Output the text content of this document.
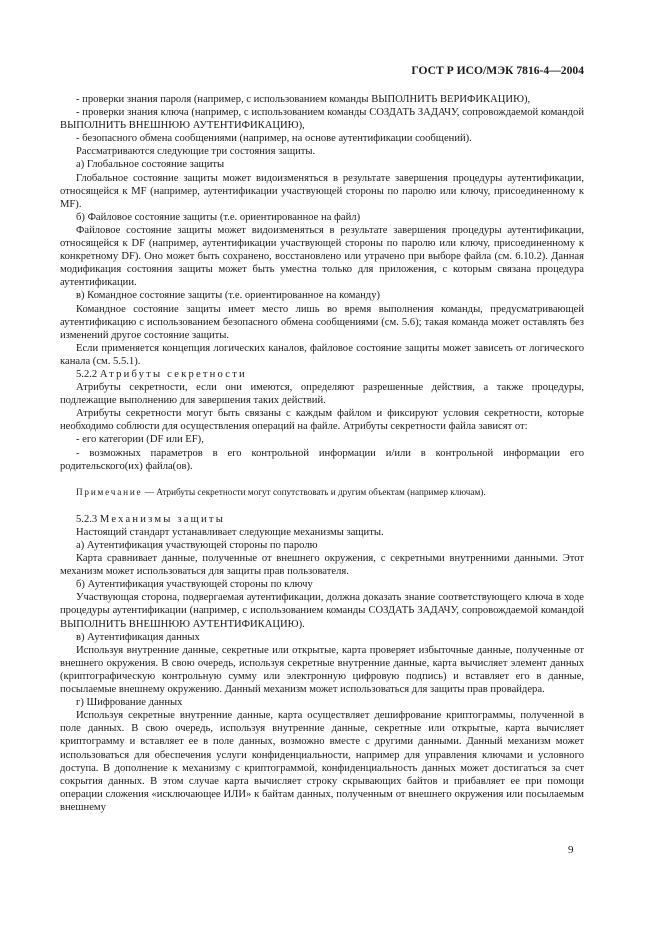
ГОСТ Р ИСО/МЭК 7816-4—2004

- проверки знания пароля (например, с использованием команды ВЫПОЛНИТЬ ВЕРИФИКАЦИЮ),

- проверки знания ключа (например, с использованием команды СОЗДАТЬ ЗАДАЧУ, сопровождаемой командой ВЫПОЛНИТЬ ВНЕШНЮЮ АУТЕНТИФИКАЦИЮ),

- безопасного обмена сообщениями (например, на основе аутентификации сообщений).

Рассматриваются следующие три состояния защиты.

а) Глобальное состояние защиты

Глобальное состояние защиты может видоизменяться в результате завершения процедуры аутентификации, относящейся к MF (например, аутентификации участвующей стороны по паролю или ключу, присоединенному к MF).

б) Файловое состояние защиты (т.е. ориентированное на файл)

Файловое состояние защиты может видоизменяться в результате завершения процедуры аутентификации, относящейся к DF (например, аутентификации участвующей стороны по паролю или ключу, присоединенному к конкретному DF). Оно может быть сохранено, восстановлено или утрачено при выборе файла (см. 6.10.2). Данная модификация состояния защиты может быть уместна только для приложения, с которым связана процедура аутентификации.

в) Командное состояние защиты (т.е. ориентированное на команду)

Командное состояние защиты имеет место лишь во время выполнения команды, предусматривающей аутентификацию с использованием безопасного обмена сообщениями (см. 5.6); такая команда может оставлять без изменений другое состояние защиты.

Если применяется концепция логических каналов, файловое состояние защиты может зависеть от логического канала (см. 5.5.1).

5.2.2 Атрибуты секретности

Атрибуты секретности, если они имеются, определяют разрешенные действия, а также процедуры, подлежащие выполнению для завершения таких действий.

Атрибуты секретности могут быть связаны с каждым файлом и фиксируют условия секретности, которые необходимо соблюсти для осуществления операций на файле. Атрибуты секретности файла зависят от:

- его категории (DF или EF),

- возможных параметров в его контрольной информации и/или в контрольной информации его родительского(их) файла(ов).

Примечание — Атрибуты секретности могут сопутствовать и другим объектам (например ключам).

5.2.3 Механизмы защиты

Настоящий стандарт устанавливает следующие механизмы защиты.

а) Аутентификация участвующей стороны по паролю

Карта сравнивает данные, полученные от внешнего окружения, с секретными внутренними данными. Этот механизм может использоваться для защиты прав пользователя.

б) Аутентификация участвующей стороны по ключу

Участвующая сторона, подвергаемая аутентификации, должна доказать знание соответствующего ключа в ходе процедуры аутентификации (например, с использованием команды СОЗДАТЬ ЗАДАЧУ, сопровождаемой командой ВЫПОЛНИТЬ ВНЕШНЮЮ АУТЕНТИФИКАЦИЮ).

в) Аутентификация данных

Используя внутренние данные, секретные или открытые, карта проверяет избыточные данные, полученные от внешнего окружения. В свою очередь, используя секретные внутренние данные, карта вычисляет элемент данных (криптографическую контрольную сумму или электронную цифровую подпись) и вставляет его в данные, посылаемые внешнему окружению. Данный механизм может использоваться для защиты прав провайдера.

г) Шифрование данных

Используя секретные внутренние данные, карта осуществляет дешифрование криптограммы, полученной в поле данных. В свою очередь, используя внутренние данные, секретные или открытые, карта вычисляет криптограмму и вставляет ее в поле данных, возможно вместе с другими данными. Данный механизм может использоваться для обеспечения услуги конфиденциальности, например для управления ключами и условного доступа. В дополнение к механизму с криптограммой, конфиденциальность данных может достигаться за счет сокрытия данных. В этом случае карта вычисляет строку скрывающих байтов и прибавляет ее при помощи операции сложения «исключающее ИЛИ» к байтам данных, полученным от внешнего окружения или посылаемым внешнему

9
